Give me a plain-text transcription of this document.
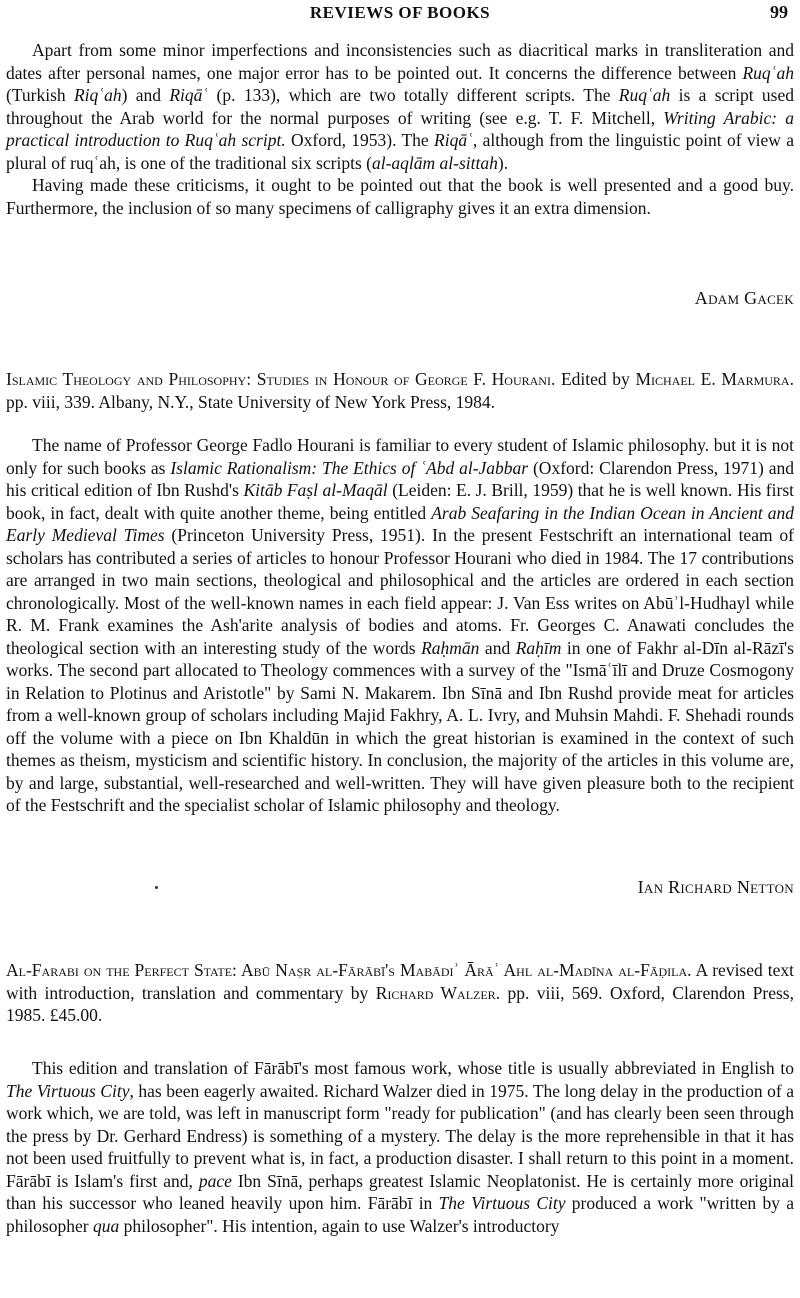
REVIEWS OF BOOKS	99

Apart from some minor imperfections and inconsistencies such as diacritical marks in transliteration and dates after personal names, one major error has to be pointed out. It concerns the difference between Ruqʿah (Turkish Riqʿah) and Riqāʿ (p. 133), which are two totally different scripts. The Ruqʿah is a script used throughout the Arab world for the normal purposes of writing (see e.g. T. F. Mitchell, Writing Arabic: a practical introduction to Ruqʿah script. Oxford, 1953). The Riqāʿ, although from the linguistic point of view a plural of ruqʿah, is one of the traditional six scripts (al-aqlām al-sittah).

Having made these criticisms, it ought to be pointed out that the book is well presented and a good buy. Furthermore, the inclusion of so many specimens of calligraphy gives it an extra dimension.

Adam Gacek

Islamic Theology and Philosophy: Studies in Honour of George F. Hourani. Edited by Michael E. Marmura. pp. viii, 339. Albany, N.Y., State University of New York Press, 1984.

The name of Professor George Fadlo Hourani is familiar to every student of Islamic philosophy. but it is not only for such books as Islamic Rationalism: The Ethics of ʿAbd al-Jabbar (Oxford: Clarendon Press, 1971) and his critical edition of Ibn Rushd's Kitāb Faṣl al-Maqāl (Leiden: E. J. Brill, 1959) that he is well known. His first book, in fact, dealt with quite another theme, being entitled Arab Seafaring in the Indian Ocean in Ancient and Early Medieval Times (Princeton University Press, 1951). In the present Festschrift an international team of scholars has contributed a series of articles to honour Professor Hourani who died in 1984. The 17 contributions are arranged in two main sections, theological and philosophical and the articles are ordered in each section chronologically. Most of the well-known names in each field appear: J. Van Ess writes on Abūʾl-Hudhayl while R. M. Frank examines the Ash'arite analysis of bodies and atoms. Fr. Georges C. Anawati concludes the theological section with an interesting study of the words Raḥmān and Raḥīm in one of Fakhr al-Dīn al-Rāzī's works. The second part allocated to Theology commences with a survey of the "Ismāʿīlī and Druze Cosmogony in Relation to Plotinus and Aristotle" by Sami N. Makarem. Ibn Sīnā and Ibn Rushd provide meat for articles from a well-known group of scholars including Majid Fakhry, A. L. Ivry, and Muhsin Mahdi. F. Shehadi rounds off the volume with a piece on Ibn Khaldūn in which the great historian is examined in the context of such themes as theism, mysticism and scientific history. In conclusion, the majority of the articles in this volume are, by and large, substantial, well-researched and well-written. They will have given pleasure both to the recipient of the Festschrift and the specialist scholar of Islamic philosophy and theology.

Ian Richard Netton

Al-Farabi on the Perfect State: Abū Naṣr al-Fārābī's Mabādiʾ Ārāʾ Ahl al-Madīna al-Fāḍila. A revised text with introduction, translation and commentary by Richard Walzer. pp. viii, 569. Oxford, Clarendon Press, 1985. £45.00.

This edition and translation of Fārābī's most famous work, whose title is usually abbreviated in English to The Virtuous City, has been eagerly awaited. Richard Walzer died in 1975. The long delay in the production of a work which, we are told, was left in manuscript form "ready for publication" (and has clearly been seen through the press by Dr. Gerhard Endress) is something of a mystery. The delay is the more reprehensible in that it has not been used fruitfully to prevent what is, in fact, a production disaster. I shall return to this point in a moment. Fārābī is Islam's first and, pace Ibn Sīnā, perhaps greatest Islamic Neoplatonist. He is certainly more original than his successor who leaned heavily upon him. Fārābī in The Virtuous City produced a work "written by a philosopher qua philosopher". His intention, again to use Walzer's introductory
